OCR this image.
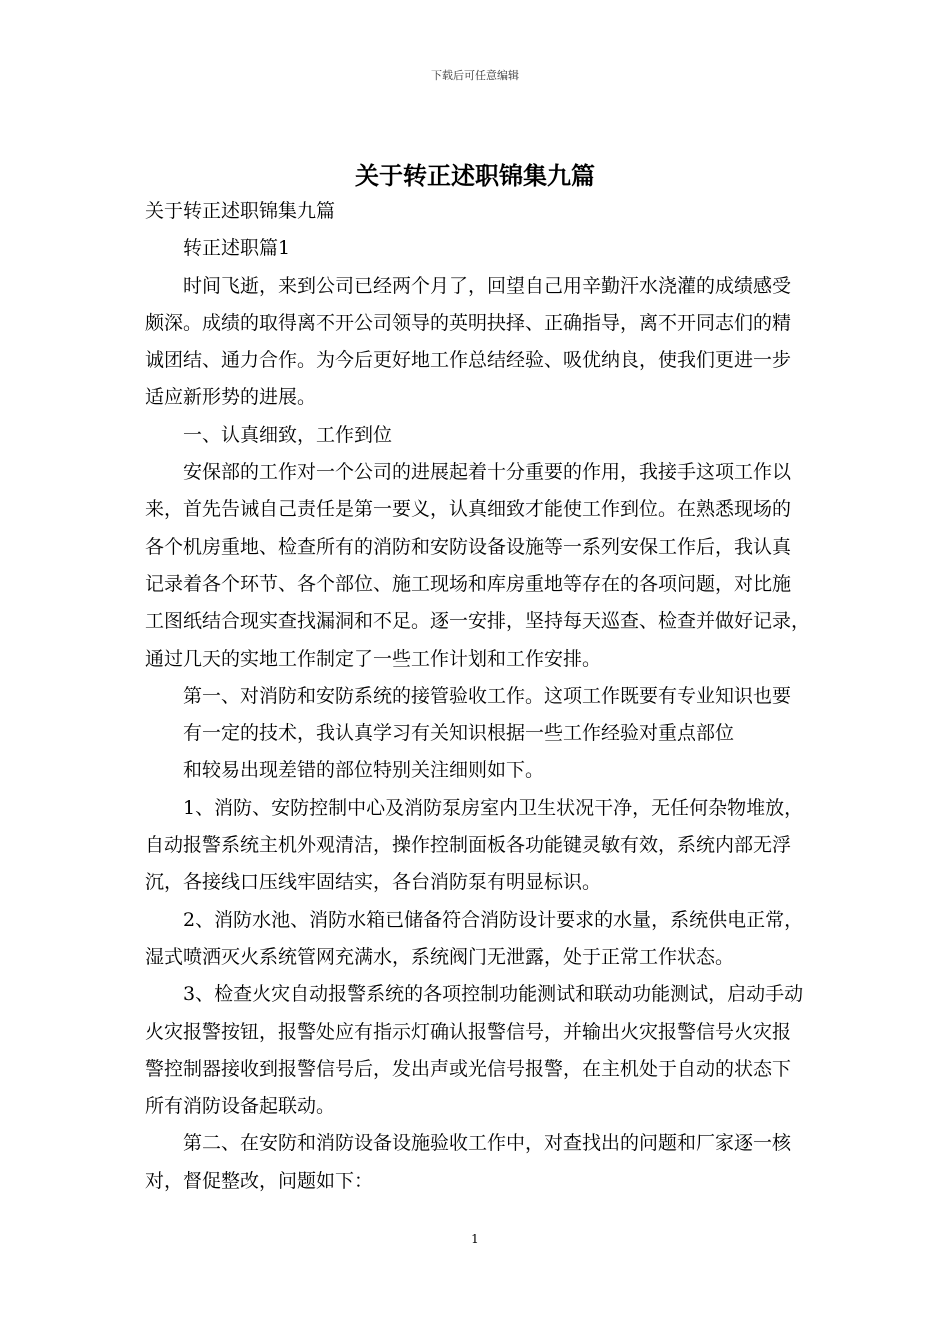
下载后可任意编辑
关于转正述职锦集九篇
关于转正述职锦集九篇
转正述职篇1
时间飞逝，来到公司已经两个月了，回望自己用辛勤汗水浇灌的成绩感受
颇深。成绩的取得离不开公司领导的英明抉择、正确指导，离不开同志们的精
诚团结、通力合作。为今后更好地工作总结经验、吸优纳良，使我们更进一步
适应新形势的进展。
一、认真细致，工作到位
安保部的工作对一个公司的进展起着十分重要的作用，我接手这项工作以
来，首先告诫自己责任是第一要义，认真细致才能使工作到位。在熟悉现场的
各个机房重地、检查所有的消防和安防设备设施等一系列安保工作后，我认真
记录着各个环节、各个部位、施工现场和库房重地等存在的各项问题，对比施
工图纸结合现实查找漏洞和不足。逐一安排，坚持每天巡查、检查并做好记录，
通过几天的实地工作制定了一些工作计划和工作安排。
第一、对消防和安防系统的接管验收工作。这项工作既要有专业知识也要
有一定的技术，我认真学习有关知识根据一些工作经验对重点部位
和较易出现差错的部位特别关注细则如下。
1、消防、安防控制中心及消防泵房室内卫生状况干净，无任何杂物堆放，
自动报警系统主机外观清洁，操作控制面板各功能键灵敏有效，系统内部无浮
沉，各接线口压线牢固结实，各台消防泵有明显标识。
2、消防水池、消防水箱已储备符合消防设计要求的水量，系统供电正常，
湿式喷洒灭火系统管网充满水，系统阀门无泄露，处于正常工作状态。
3、检查火灾自动报警系统的各项控制功能测试和联动功能测试，启动手动
火灾报警按钮，报警处应有指示灯确认报警信号，并输出火灾报警信号火灾报
警控制器接收到报警信号后，发出声或光信号报警，在主机处于自动的状态下
所有消防设备起联动。
第二、在安防和消防设备设施验收工作中，对查找出的问题和厂家逐一核
对，督促整改，问题如下：
1
